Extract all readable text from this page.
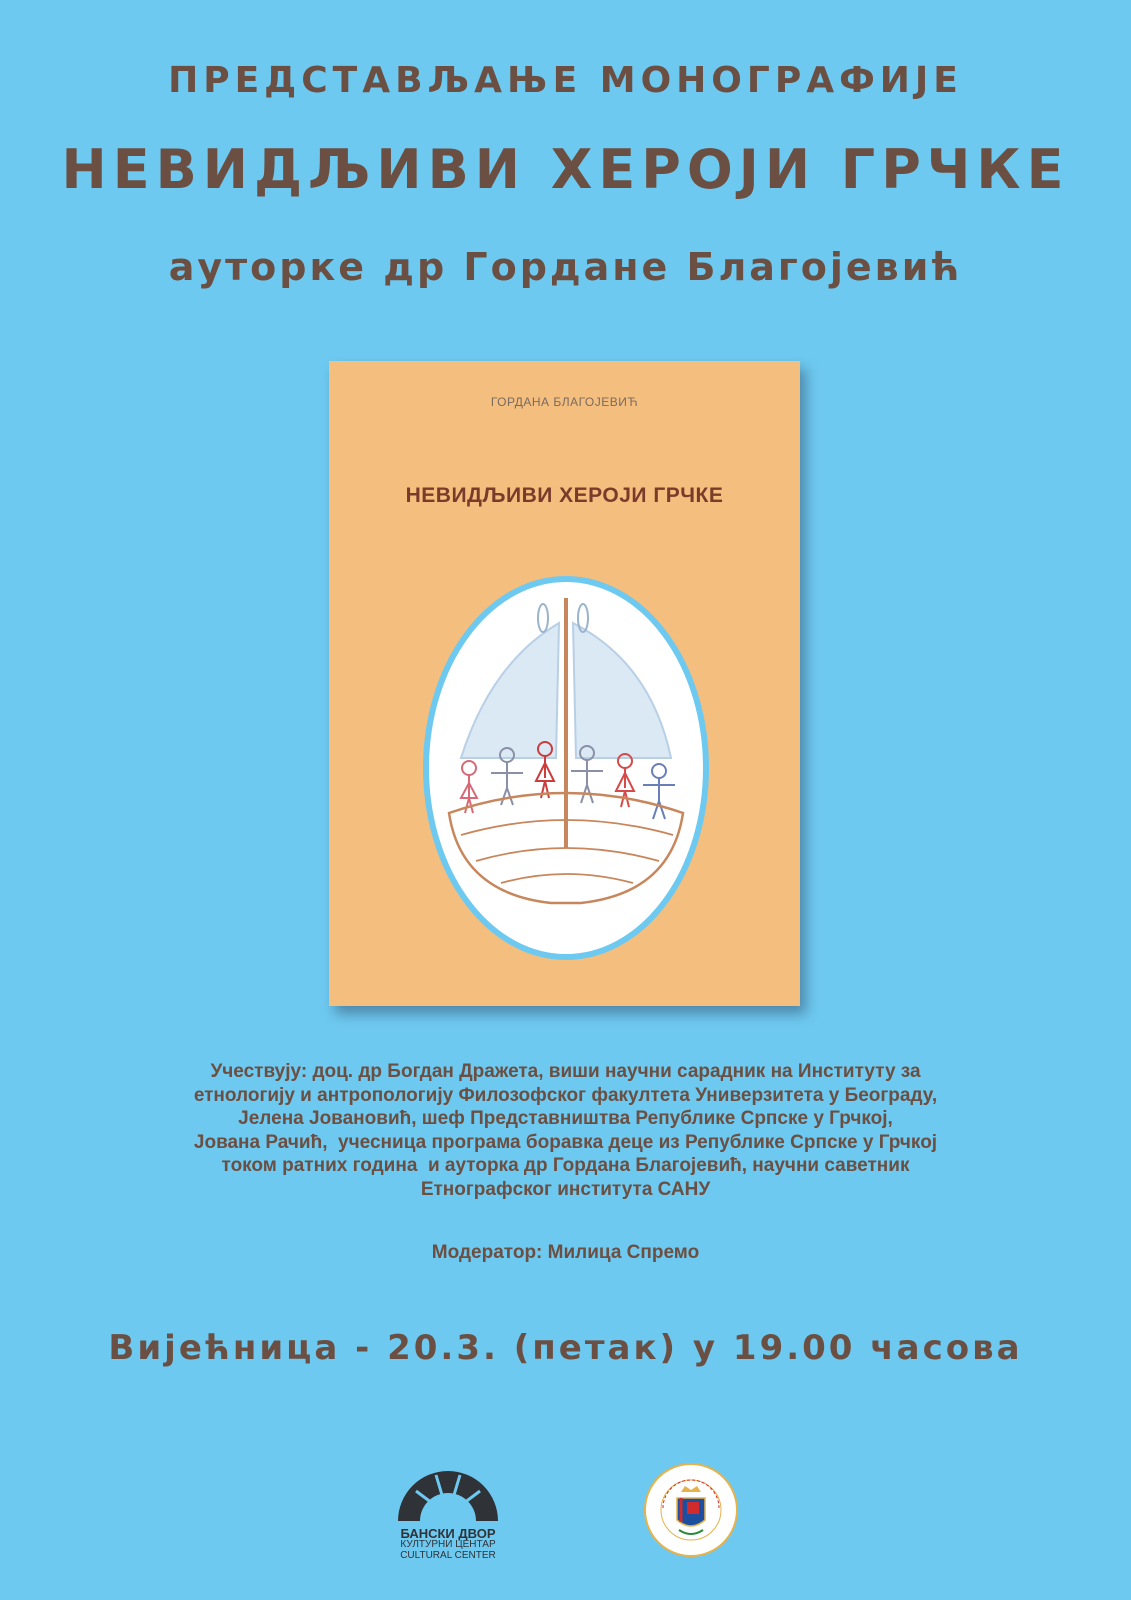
ПРЕДСТАВЉАЊЕ МОНОГРАФИЈЕ
НЕВИДЉИВИ ХЕРОЈИ ГРЧКЕ
ауторке др Гордане Благојевић
ГОРДАНА БЛАГОЈЕВИЋ
НЕВИДЉИВИ ХЕРОЈИ ГРЧКЕ
Учествују: доц. др Богдан Дражета, виши научни сарадник на Институту за
етнологију и антропологију Филозофског факултета Универзитета у Београду,
Јелена Јовановић, шеф Представништва Републике Српске у Грчкој,
Јована Рачић,  учесница програма боравка деце из Републике Српске у Грчкој
током ратних година  и ауторка др Гордана Благојевић, научни саветник
Етнографског института САНУ
Модератор: Милица Спремо
Вијећница - 20.3. (петак) у 19.00 часова
БАНСКИ ДВОР
КУЛТУРНИ ЦЕНТАР
CULTURAL CENTER
